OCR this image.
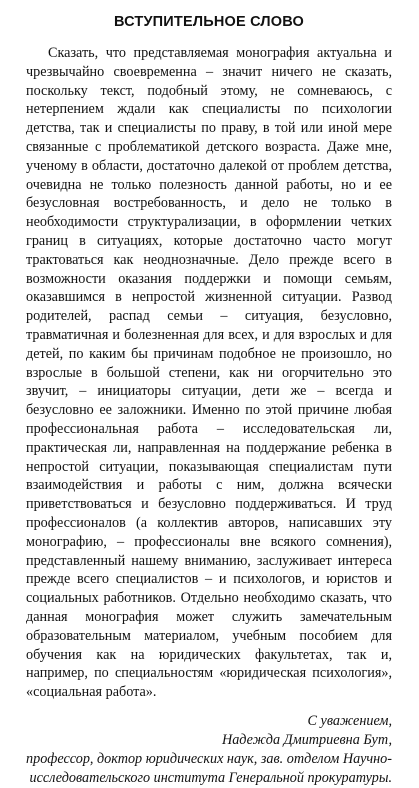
ВСТУПИТЕЛЬНОЕ СЛОВО

Сказать, что представляемая монография актуальна и чрезвычайно своевременна – значит ничего не сказать, поскольку текст, подобный этому, не сомневаюсь, с нетерпением ждали как специалисты по психологии детства, так и специалисты по праву, в той или иной мере связанные с проблематикой детского возраста. Даже мне, ученому в области, достаточно далекой от проблем детства, очевидна не только полезность данной работы, но и ее безусловная востребованность, и дело не только в необходимости структурализации, в оформлении четких границ в ситуациях, которые достаточно часто могут трактоваться как неоднозначные. Дело прежде всего в возможности оказания поддержки и помощи семьям, оказавшимся в непростой жизненной ситуации. Развод родителей, распад семьи – ситуация, безусловно, травматичная и болезненная для всех, и для взрослых и для детей, по каким бы причинам подобное не произошло, но взрослые в большой степени, как ни огорчительно это звучит, – инициаторы ситуации, дети же – всегда и безусловно ее заложники. Именно по этой причине любая профессиональная работа – исследовательская ли, практическая ли, направленная на поддержание ребенка в непростой ситуации, показывающая специалистам пути взаимодействия и работы с ним, должна всячески приветствоваться и безусловно поддерживаться. И труд профессионалов (а коллектив авторов, написавших эту монографию, – профессионалы вне всякого сомнения), представленный нашему вниманию, заслуживает интереса прежде всего специалистов – и психологов, и юристов и социальных работников. Отдельно необходимо сказать, что данная монография может служить замечательным образовательным материалом, учебным пособием для обучения как на юридических факультетах, так и, например, по специальностям «юридическая психология», «социальная работа».

С уважением,
Надежда Дмитриевна Бут,
профессор, доктор юридических наук, зав. отделом Научно-исследовательского института Генеральной прокуратуры.
